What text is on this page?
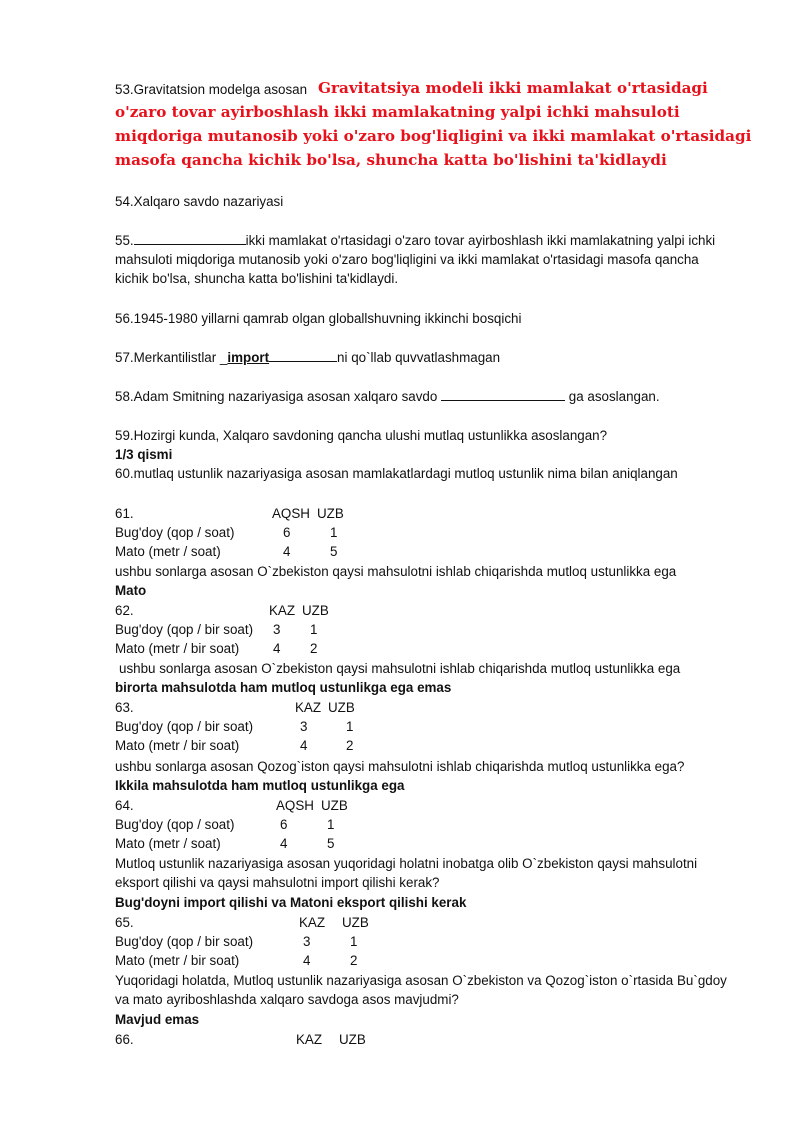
53.Gravitatsion modelga asosan Gravitatsiya modeli ikki mamlakat o'rtasidagi
o'zaro tovar ayirboshlash ikki mamlakatning yalpi ichki mahsuloti
miqdoriga mutanosib yoki o'zaro bog'liqligini va ikki mamlakat o'rtasidagi
masofa qancha kichik bo'lsa, shuncha katta bo'lishini ta'kidlaydi
54.Xalqaro savdo nazariyasi
55.	ikki mamlakat o'rtasidagi o'zaro tovar ayirboshlash ikki mamlakatning yalpi ichki
mahsuloti miqdoriga mutanosib yoki o'zaro bog'liqligini va ikki mamlakat o'rtasidagi masofa qancha
kichik bo'lsa, shuncha katta bo'lishini ta'kidlaydi.
56.1945-1980 yillarni qamrab olgan globallshuvning ikkinchi bosqichi
57.Merkantilistlar _import	ni qo`llab quvvatlashmagan
58.Adam Smitning nazariyasiga asosan xalqaro savdo	ga asoslangan.
59.Hozirgi kunda, Xalqaro savdoning qancha ulushi mutlaq ustunlikka asoslangan?
1/3 qismi
60.mutlaq ustunlik nazariyasiga asosan mamlakatlardagi mutloq ustunlik nima bilan aniqlangan
61.	AQSH UZB
Bug'doy (qop / soat)	6	1
Mato (metr / soat)	4	5
ushbu sonlarga asosan O`zbekiston qaysi mahsulotni ishlab chiqarishda mutloq ustunlikka ega
Mato
62.	KAZ UZB
Bug'doy (qop / bir soat) 3 1
Mato (metr / bir soat)	4 2
ushbu sonlarga asosan O`zbekiston qaysi mahsulotni ishlab chiqarishda mutloq ustunlikka ega
birorta mahsulotda ham mutloq ustunlikga ega emas
63.	KAZ UZB
Bug'doy (qop / bir soat)	3	1
Mato (metr / bir soat)	4	2
ushbu sonlarga asosan Qozog`iston qaysi mahsulotni ishlab chiqarishda mutloq ustunlikka ega?
Ikkila mahsulotda ham mutloq ustunlikga ega
64.	AQSH UZB
Bug'doy (qop / soat)	6	1
Mato (metr / soat)	4	5
Mutloq ustunlik nazariyasiga asosan yuqoridagi holatni inobatga olib O`zbekiston qaysi mahsulotni
eksport qilishi va qaysi mahsulotni import qilishi kerak?
Bug'doyni import qilishi va Matoni eksport qilishi kerak
65.	KAZ UZB
Bug'doy (qop / bir soat)	3	1
Mato (metr / bir soat)	4	2
Yuqoridagi holatda, Mutloq ustunlik nazariyasiga asosan O`zbekiston va Qozog`iston o`rtasida Bu`gdoy
va mato ayriboshlashda xalqaro savdoga asos mavjudmi?
Mavjud emas
66.	KAZ UZB
